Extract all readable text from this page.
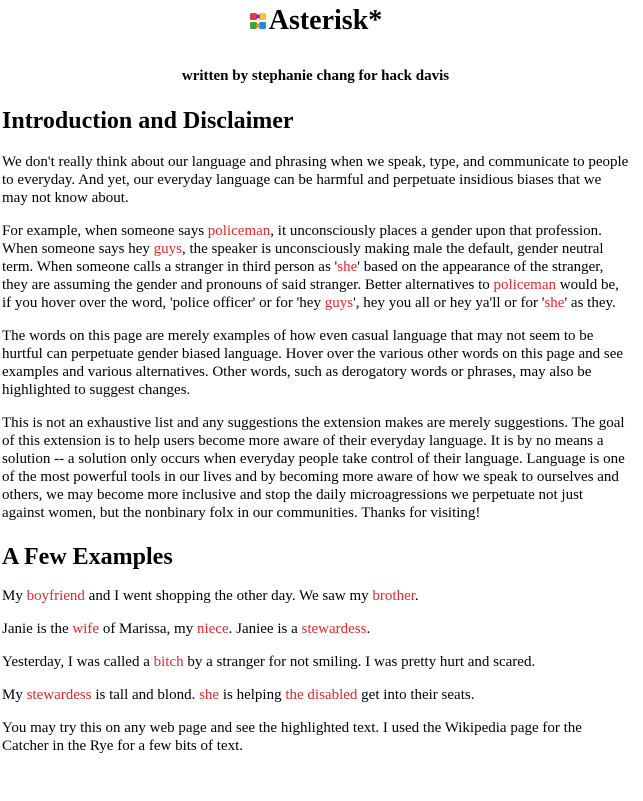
Asterisk*
written by stephanie chang for hack davis
Introduction and Disclaimer

We don't really think about our language and phrasing when we speak, type, and communicate to people to everyday. And yet, our everyday language can be harmful and perpetuate insidious biases that we may not know about.

For example, when someone says policeman, it unconsciously places a gender upon that profession. When someone says hey guys, the speaker is unconsciously making male the default, gender neutral term. When someone calls a stranger in third person as 'she' based on the appearance of the stranger, they are assuming the gender and pronouns of said stranger. Better alternatives to policeman would be, if you hover over the word, 'police officer' or for 'hey guys', hey you all or hey ya'll or for 'she' as they.

The words on this page are merely examples of how even casual language that may not seem to be hurtful can perpetuate gender biased language. Hover over the various other words on this page and see examples and various alternatives. Other words, such as derogatory words or phrases, may also be highlighted to suggest changes.

This is not an exhaustive list and any suggestions the extension makes are merely suggestions. The goal of this extension is to help users become more aware of their everyday language. It is by no means a solution -- a solution only occurs when everyday people take control of their language. Language is one of the most powerful tools in our lives and by becoming more aware of how we speak to ourselves and others, we may become more inclusive and stop the daily microagressions we perpetuate not just against women, but the nonbinary folx in our communities. Thanks for visiting!

A Few Examples

My boyfriend and I went shopping the other day. We saw my brother.

Janie is the wife of Marissa, my niece. Janiee is a stewardess.

Yesterday, I was called a bitch by a stranger for not smiling. I was pretty hurt and scared.

My stewardess is tall and blond. she is helping the disabled get into their seats.

You may try this on any web page and see the highlighted text. I used the Wikipedia page for the Catcher in the Rye for a few bits of text.
